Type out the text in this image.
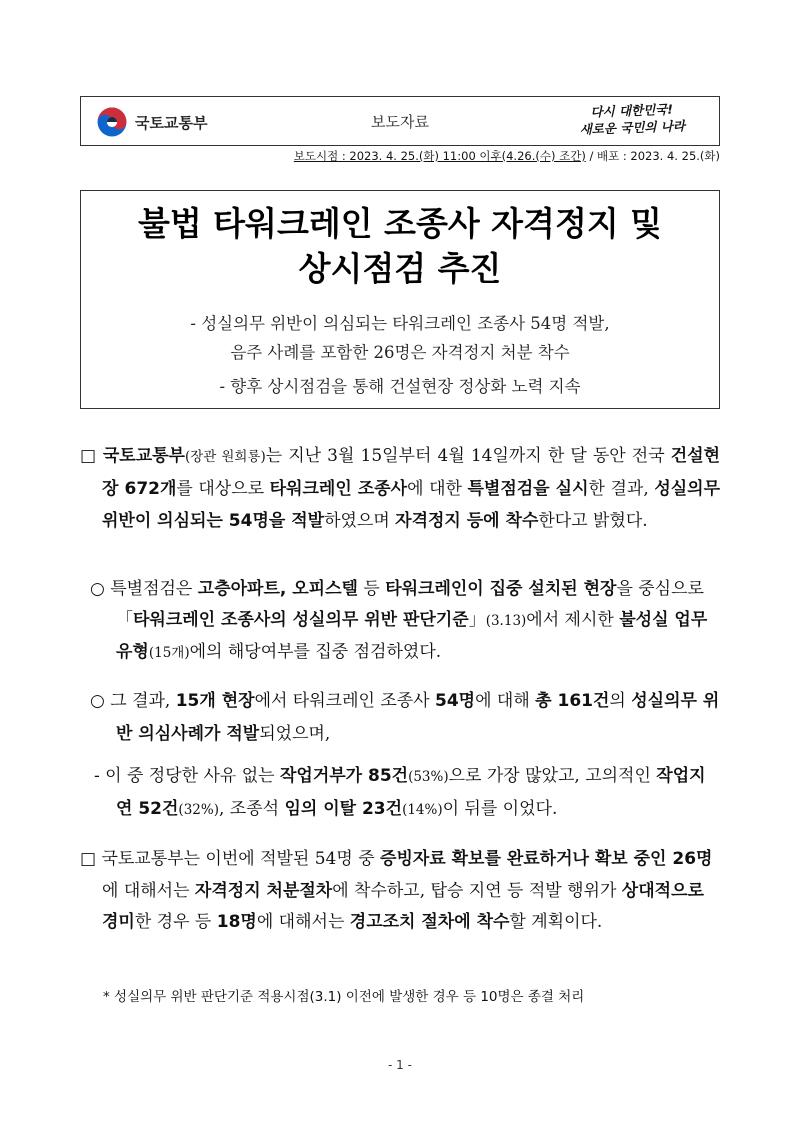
국토교통부	보도자료
다시 대한민국!
새로운 국민의 나라
보도시점 : 2023. 4. 25.(화) 11:00 이후(4.26.(수) 조간) / 배포 : 2023. 4. 25.(화)
불법 타워크레인 조종사 자격정지 및
상시점검 추진
- 성실의무 위반이 의심되는 타워크레인 조종사 54명 적발,
음주 사례를 포함한 26명은 자격정지 처분 착수
- 향후 상시점검을 통해 건설현장 정상화 노력 지속

□ 국토교통부(장관 원희룡)는 지난 3월 15일부터 4월 14일까지 한 달 동안 전국 건설현장 672개를 대상으로 타워크레인 조종사에 대한 특별점검을 실시한 결과, 성실의무 위반이 의심되는 54명을 적발하였으며 자격정지 등에 착수한다고 밝혔다.

○ 특별점검은 고층아파트, 오피스텔 등 타워크레인이 집중 설치된 현장을 중심으로 「타워크레인 조종사의 성실의무 위반 판단기준」(3.13)에서 제시한 불성실 업무 유형(15개)에의 해당여부를 집중 점검하였다.

○ 그 결과, 15개 현장에서 타워크레인 조종사 54명에 대해 총 161건의 성실의무 위반 의심사례가 적발되었으며,

- 이 중 정당한 사유 없는 작업거부가 85건(53%)으로 가장 많았고, 고의적인 작업지연 52건(32%), 조종석 임의 이탈 23건(14%)이 뒤를 이었다.

□ 국토교통부는 이번에 적발된 54명 중 증빙자료 확보를 완료하거나 확보 중인 26명에 대해서는 자격정지 처분절차에 착수하고, 탑승 지연 등 적발 행위가 상대적으로 경미한 경우 등 18명에 대해서는 경고조치 절차에 착수할 계획이다.

* 성실의무 위반 판단기준 적용시점(3.1) 이전에 발생한 경우 등 10명은 종결 처리
- 1 -
